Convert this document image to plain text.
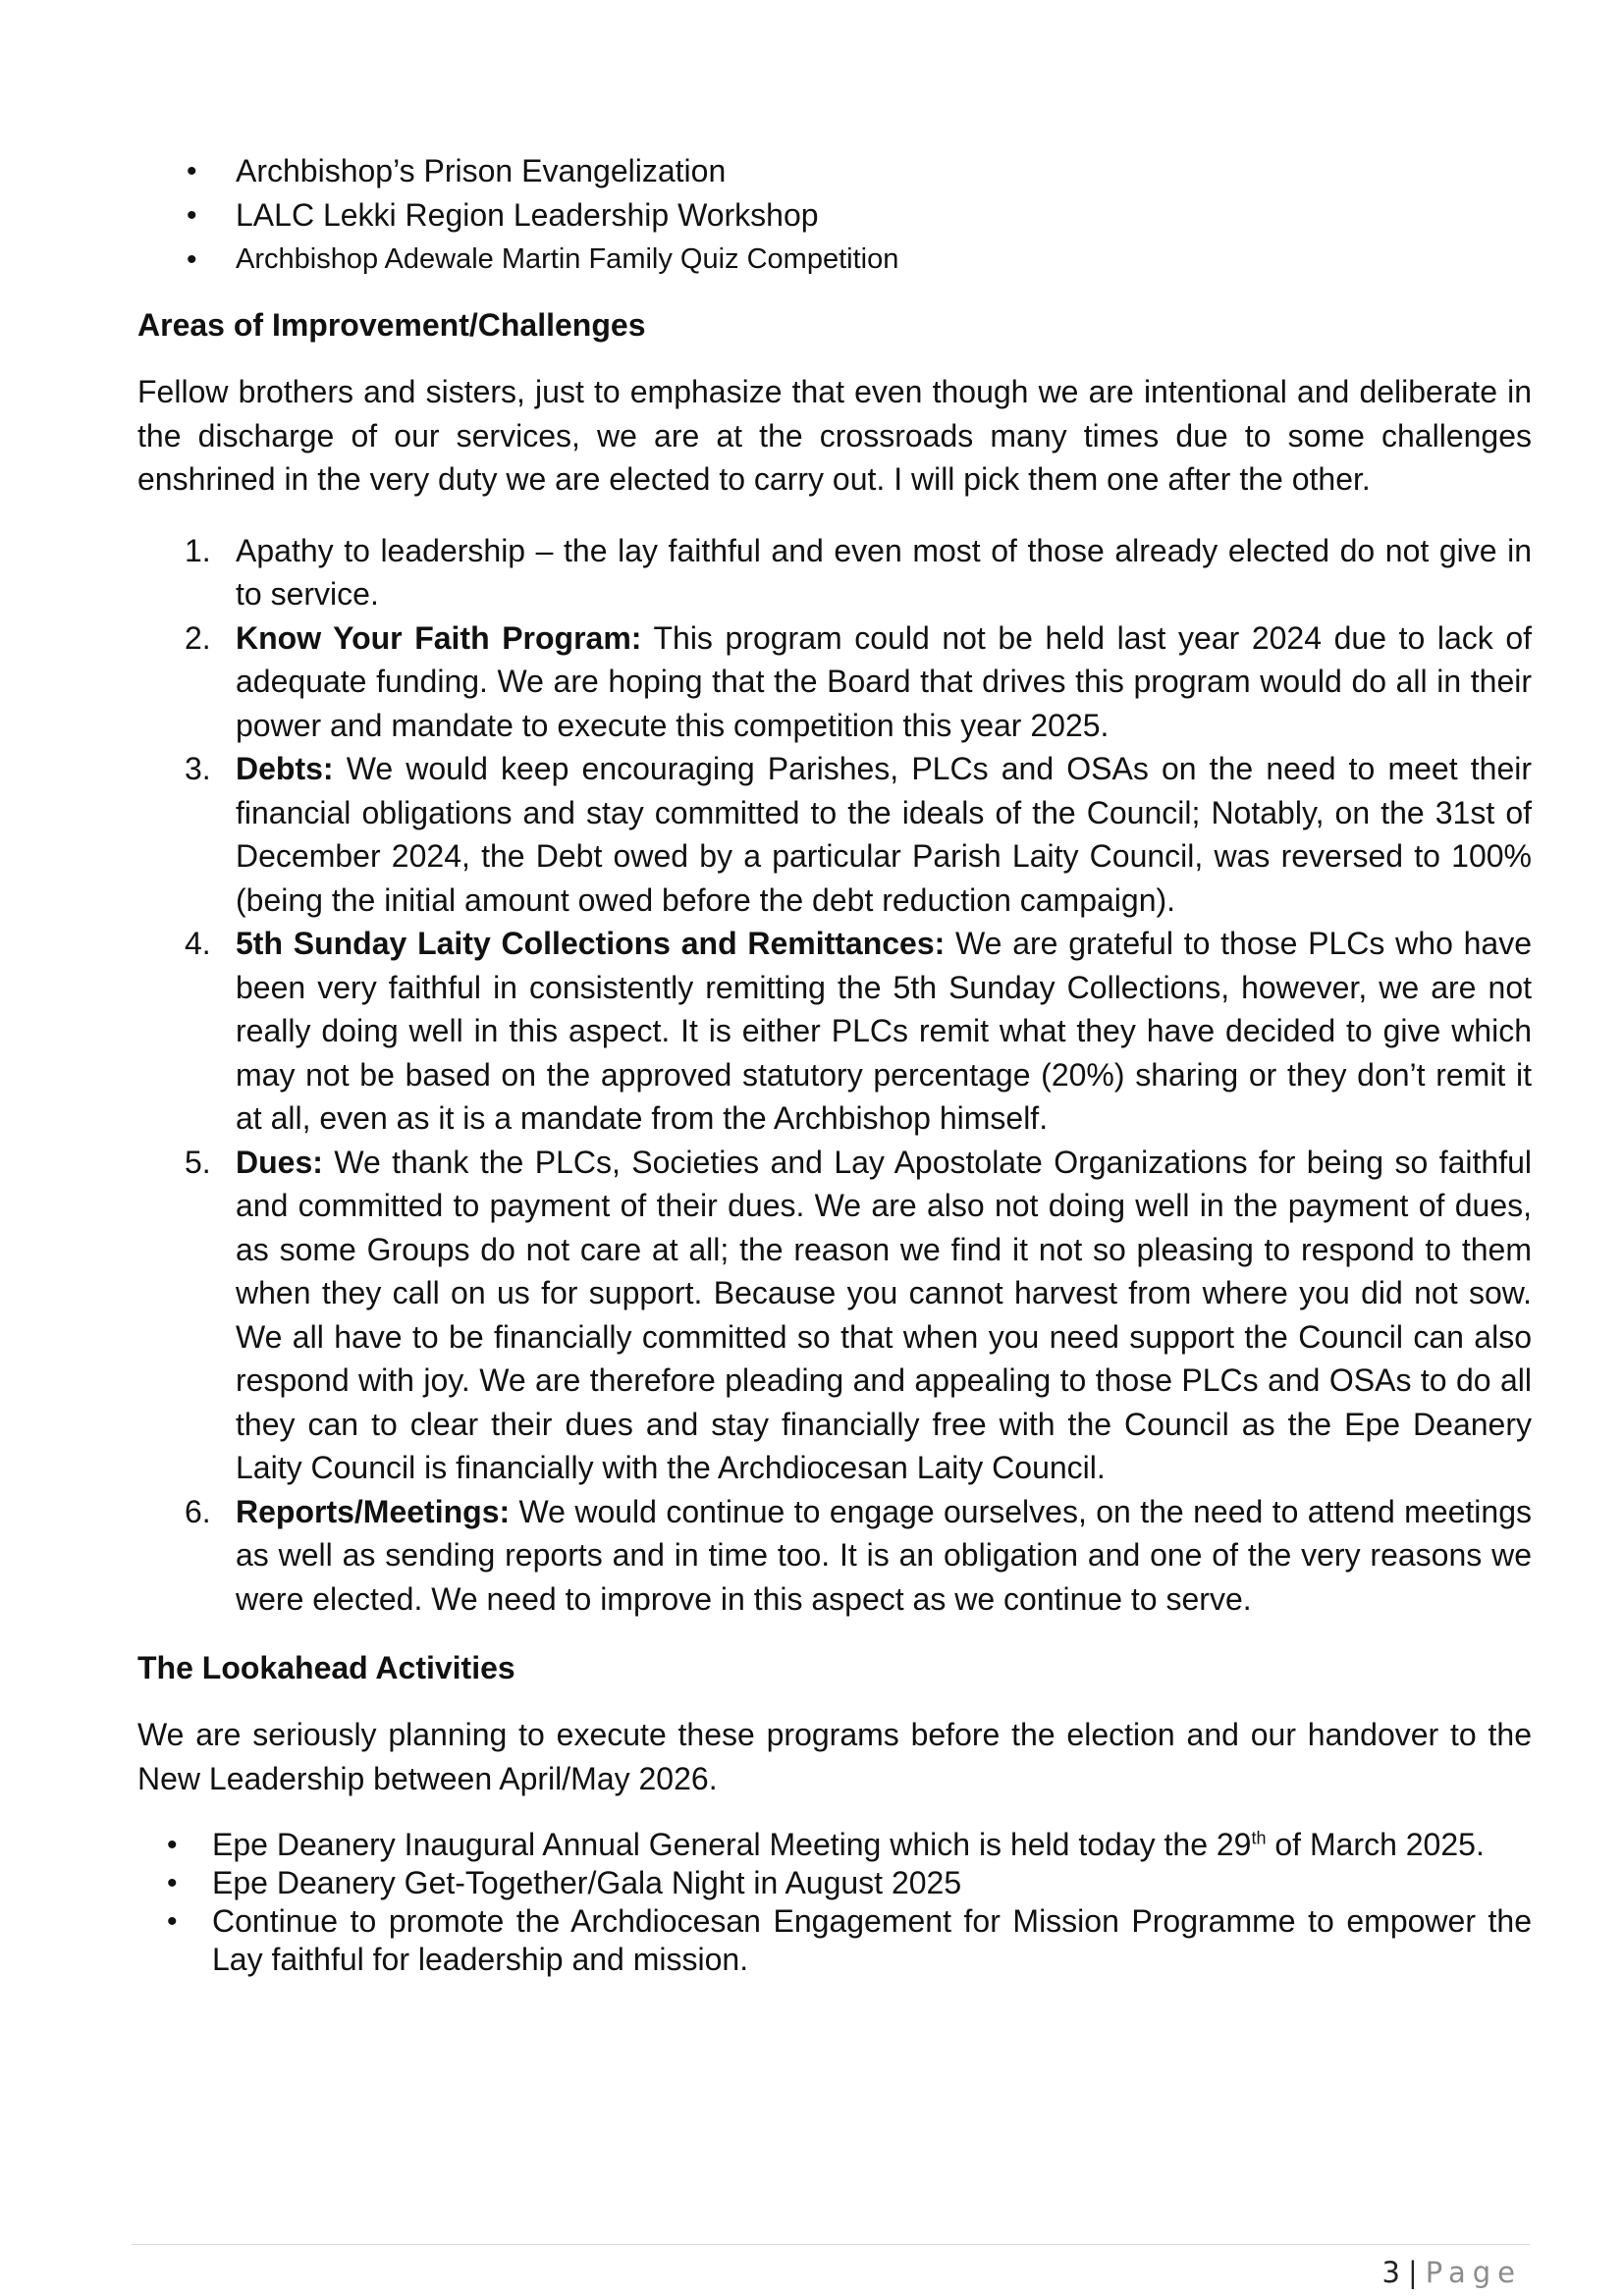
• Archbishop’s Prison Evangelization
• LALC Lekki Region Leadership Workshop
• Archbishop Adewale Martin Family Quiz Competition
Areas of Improvement/Challenges

Fellow brothers and sisters, just to emphasize that even though we are intentional and deliberate in the discharge of our services, we are at the crossroads many times due to some challenges enshrined in the very duty we are elected to carry out. I will pick them one after the other.

1. Apathy to leadership – the lay faithful and even most of those already elected do not give in to service.
2. Know Your Faith Program: This program could not be held last year 2024 due to lack of adequate funding. We are hoping that the Board that drives this program would do all in their power and mandate to execute this competition this year 2025.
3. Debts: We would keep encouraging Parishes, PLCs and OSAs on the need to meet their financial obligations and stay committed to the ideals of the Council; Notably, on the 31st of December 2024, the Debt owed by a particular Parish Laity Council, was reversed to 100% (being the initial amount owed before the debt reduction campaign).
4. 5th Sunday Laity Collections and Remittances: We are grateful to those PLCs who have been very faithful in consistently remitting the 5th Sunday Collections, however, we are not really doing well in this aspect. It is either PLCs remit what they have decided to give which may not be based on the approved statutory percentage (20%) sharing or they don’t remit it at all, even as it is a mandate from the Archbishop himself.
5. Dues: We thank the PLCs, Societies and Lay Apostolate Organizations for being so faithful and committed to payment of their dues. We are also not doing well in the payment of dues, as some Groups do not care at all; the reason we find it not so pleasing to respond to them when they call on us for support. Because you cannot harvest from where you did not sow. We all have to be financially committed so that when you need support the Council can also respond with joy. We are therefore pleading and appealing to those PLCs and OSAs to do all they can to clear their dues and stay financially free with the Council as the Epe Deanery Laity Council is financially with the Archdiocesan Laity Council.
6. Reports/Meetings: We would continue to engage ourselves, on the need to attend meetings as well as sending reports and in time too. It is an obligation and one of the very reasons we were elected. We need to improve in this aspect as we continue to serve.
The Lookahead Activities

We are seriously planning to execute these programs before the election and our handover to the New Leadership between April/May 2026.

• Epe Deanery Inaugural Annual General Meeting which is held today the 29th of March 2025.
• Epe Deanery Get-Together/Gala Night in August 2025
• Continue to promote the Archdiocesan Engagement for Mission Programme to empower the Lay faithful for leadership and mission.
3 | Page
